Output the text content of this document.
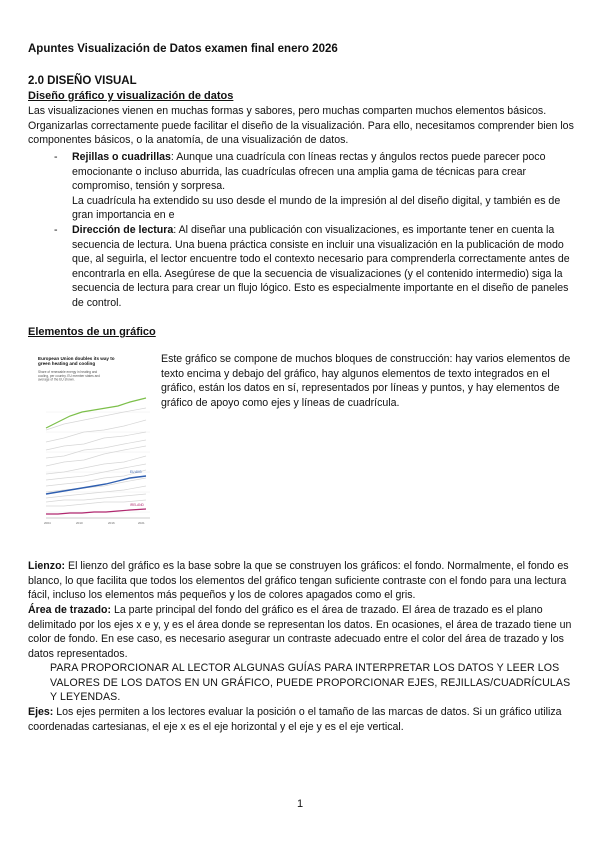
Apuntes Visualización de Datos examen final enero 2026
2.0 DISEÑO VISUAL
Diseño gráfico y visualización de datos

Las visualizaciones vienen en muchas formas y sabores, pero muchas comparten muchos elementos básicos. Organizarlas correctamente puede facilitar el diseño de la visualización. Para ello, necesitamos comprender bien los componentes básicos, o la anatomía, de una visualización de datos.

- Rejillas o cuadrillas: Aunque una cuadrícula con líneas rectas y ángulos rectos puede parecer poco emocionante o incluso aburrida, las cuadrículas ofrecen una amplia gama de técnicas para crear compromiso, tensión y sorpresa.
La cuadrícula ha extendido su uso desde el mundo de la impresión al del diseño digital, y también es de gran importancia en e
- Dirección de lectura: Al diseñar una publicación con visualizaciones, es importante tener en cuenta la secuencia de lectura. Una buena práctica consiste en incluir una visualización en la publicación de modo que, al seguirla, el lector encuentre todo el contexto necesario para comprenderla correctamente antes de encontrarla en ella. Asegúrese de que la secuencia de visualizaciones (y el contenido intermedio) siga la secuencia de lectura para crear un flujo lógico. Esto es especialmente importante en el diseño de paneles de control.
Elementos de un gráfico
European Union doubles its way to green heating and cooling
Share of renewable energy in heating and cooling, per country. EU member states and average of the EU shown.
EU AVG
IRELAND
2004	2010	2016	2021

Este gráfico se compone de muchos bloques de construcción: hay varios elementos de texto encima y debajo del gráfico, hay algunos elementos de texto integrados en el gráfico, están los datos en sí, representados por líneas y puntos, y hay elementos de gráfico de apoyo como ejes y líneas de cuadrícula.

Lienzo: El lienzo del gráfico es la base sobre la que se construyen los gráficos: el fondo. Normalmente, el fondo es blanco, lo que facilita que todos los elementos del gráfico tengan suficiente contraste con el fondo para una lectura fácil, incluso los elementos más pequeños y los de colores apagados como el gris.

Área de trazado: La parte principal del fondo del gráfico es el área de trazado. El área de trazado es el plano delimitado por los ejes x e y, y es el área donde se representan los datos. En ocasiones, el área de trazado tiene un color de fondo. En ese caso, es necesario asegurar un contraste adecuado entre el color del área de trazado y los datos representados.

PARA PROPORCIONAR AL LECTOR ALGUNAS GUÍAS PARA INTERPRETAR LOS DATOS Y LEER LOS VALORES DE LOS DATOS EN UN GRÁFICO, PUEDE PROPORCIONAR EJES, REJILLAS/CUADRÍCULAS Y LEYENDAS.

Ejes: Los ejes permiten a los lectores evaluar la posición o el tamaño de las marcas de datos. Si un gráfico utiliza coordenadas cartesianas, el eje x es el eje horizontal y el eje y es el eje vertical.

1
